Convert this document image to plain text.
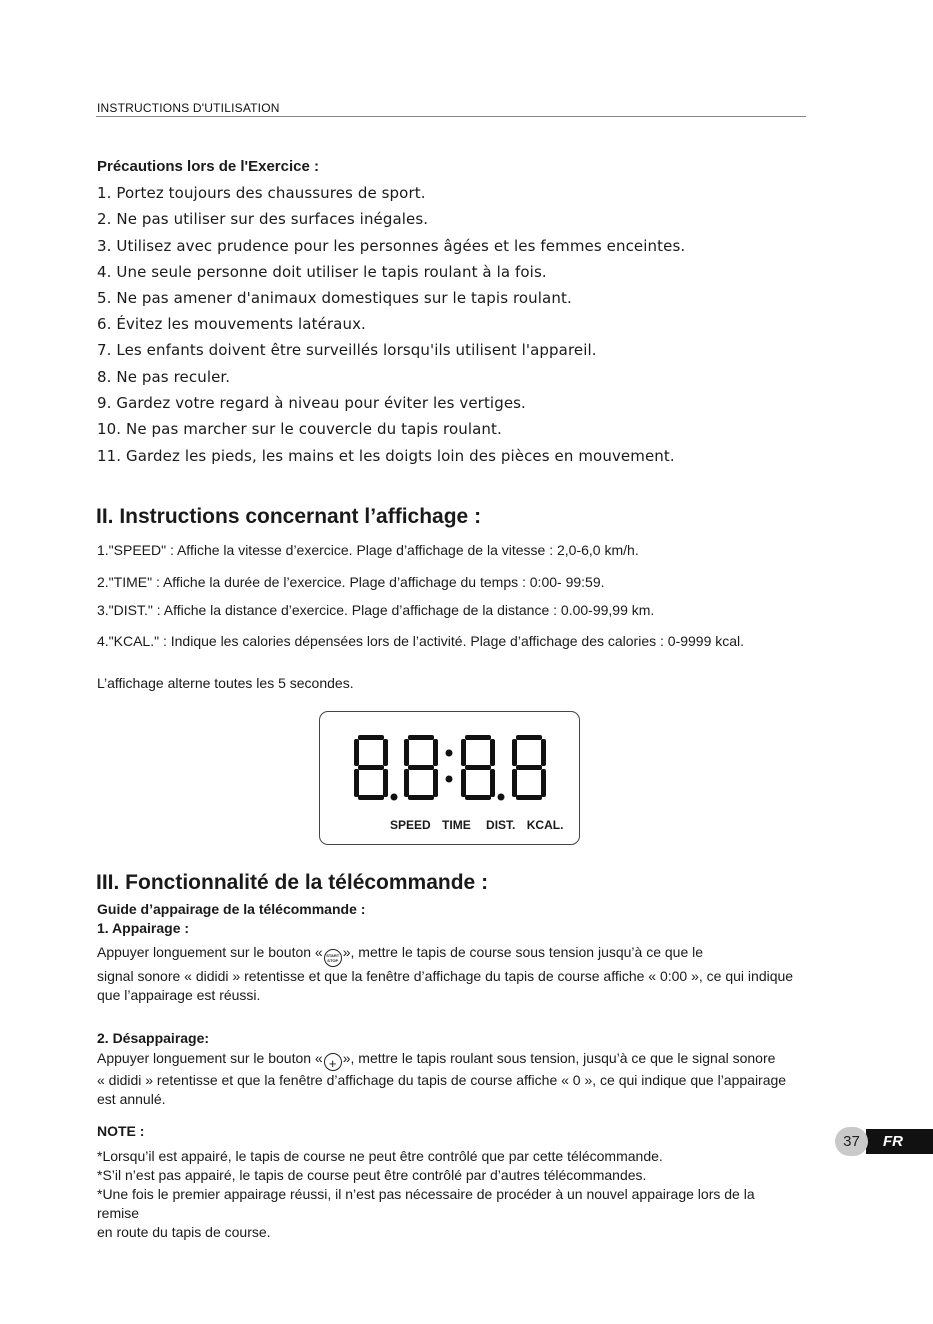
INSTRUCTIONS D'UTILISATION
Précautions lors de l'Exercice :
1. Portez toujours des chaussures de sport.
2. Ne pas utiliser sur des surfaces inégales.
3. Utilisez avec prudence pour les personnes âgées et les femmes enceintes.
4. Une seule personne doit utiliser le tapis roulant à la fois.
5. Ne pas amener d'animaux domestiques sur le tapis roulant.
6. Évitez les mouvements latéraux.
7. Les enfants doivent être surveillés lorsqu'ils utilisent l'appareil.
8. Ne pas reculer.
9. Gardez votre regard à niveau pour éviter les vertiges.
10. Ne pas marcher sur le couvercle du tapis roulant.
11. Gardez les pieds, les mains et les doigts loin des pièces en mouvement.
II. Instructions concernant l’affichage :
1."SPEED" : Affiche la vitesse d’exercice. Plage d’affichage de la vitesse : 2,0-6,0 km/h.
2."TIME" : Affiche la durée de l’exercice. Plage d’affichage du temps : 0:00- 99:59.
3."DIST." : Affiche la distance d’exercice. Plage d’affichage de la distance : 0.00-99,99 km.
4."KCAL." : Indique les calories dépensées lors de l’activité. Plage d’affichage des calories : 0-9999 kcal.
L’affichage alterne toutes les 5 secondes.
SPEED TIME DIST. KCAL.
III. Fonctionnalité de la télécommande :
Guide d’appairage de la télécommande :
1. Appairage :
Appuyer longuement sur le bouton « START
STOP
», mettre le tapis de course sous tension jusqu’à ce que le
signal sonore « dididi » retentisse et que la fenêtre d’affichage du tapis de course affiche « 0:00 », ce qui indique
que l’appairage est réussi.
2. Désappairage:
Appuyer longuement sur le bouton « + », mettre le tapis roulant sous tension, jusqu’à ce que le signal sonore
« dididi » retentisse et que la fenêtre d’affichage du tapis de course affiche « 0 », ce qui indique que l’appairage
est annulé.
NOTE :
*Lorsqu’il est appairé, le tapis de course ne peut être contrôlé que par cette télécommande.
*S’il n’est pas appairé, le tapis de course peut être contrôlé par d’autres télécommandes.
*Une fois le premier appairage réussi, il n’est pas nécessaire de procéder à un nouvel appairage lors de la
remise
en route du tapis de course.
FR
37
